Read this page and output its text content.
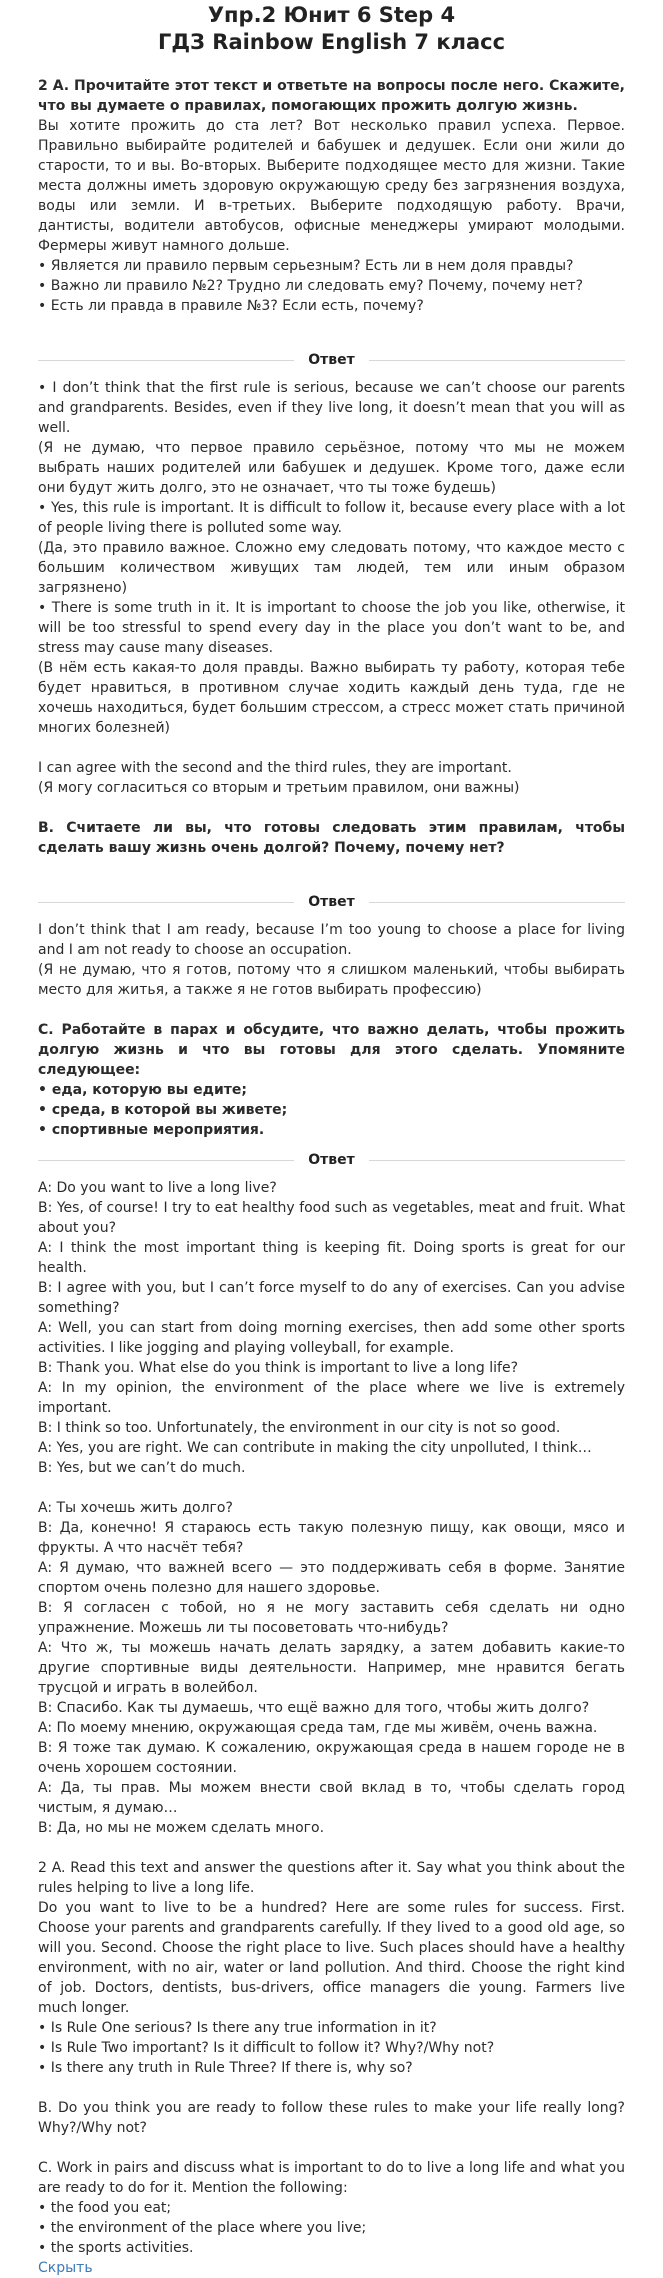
Упр.2 Юнит 6 Step 4
ГДЗ Rainbow English 7 класс

2 A. Прочитайте этот текст и ответьте на вопросы после него. Скажите, что вы думаете о правилах, помогающих прожить долгую жизнь.

Вы хотите прожить до ста лет? Вот несколько правил успеха. Первое. Правильно выбирайте родителей и бабушек и дедушек. Если они жили до старости, то и вы. Во-вторых. Выберите подходящее место для жизни. Такие места должны иметь здоровую окружающую среду без загрязнения воздуха, воды или земли. И в-третьих. Выберите подходящую работу. Врачи, дантисты, водители автобусов, офисные менеджеры умирают молодыми. Фермеры живут намного дольше.

• Является ли правило первым серьезным? Есть ли в нем доля правды?

• Важно ли правило №2? Трудно ли следовать ему? Почему, почему нет?

• Есть ли правда в правиле №3? Если есть, почему?

Ответ

• I don’t think that the first rule is serious, because we can’t choose our parents and grandparents. Besides, even if they live long, it doesn’t mean that you will as well.

(Я не думаю, что первое правило серьёзное, потому что мы не можем выбрать наших родителей или бабушек и дедушек. Кроме того, даже если они будут жить долго, это не означает, что ты тоже будешь)

• Yes, this rule is important. It is difficult to follow it, because every place with a lot of people living there is polluted some way.

(Да, это правило важное. Сложно ему следовать потому, что каждое место с большим количеством живущих там людей, тем или иным образом загрязнено)

• There is some truth in it. It is important to choose the job you like, otherwise, it will be too stressful to spend every day in the place you don’t want to be, and stress may cause many diseases.

(В нём есть какая-то доля правды. Важно выбирать ту работу, которая тебе будет нравиться, в противном случае ходить каждый день туда, где не хочешь находиться, будет большим стрессом, а стресс может стать причиной многих болезней)

I can agree with the second and the third rules, they are important.

(Я могу согласиться со вторым и третьим правилом, они важны)

B. Считаете ли вы, что готовы следовать этим правилам, чтобы сделать вашу жизнь очень долгой? Почему, почему нет?

Ответ

I don’t think that I am ready, because I’m too young to choose a place for living and I am not ready to choose an occupation.

(Я не думаю, что я готов, потому что я слишком маленький, чтобы выбирать место для житья, а также я не готов выбирать профессию)

C. Работайте в парах и обсудите, что важно делать, чтобы прожить долгую жизнь и что вы готовы для этого сделать. Упомяните следующее:

• еда, которую вы едите;

• среда, в которой вы живете;

• спортивные мероприятия.

Ответ

A: Do you want to live a long live?

B: Yes, of course! I try to eat healthy food such as vegetables, meat and fruit. What about you?

A: I think the most important thing is keeping fit. Doing sports is great for our health.

B: I agree with you, but I can’t force myself to do any of exercises. Can you advise something?

A: Well, you can start from doing morning exercises, then add some other sports activities. I like jogging and playing volleyball, for example.

B: Thank you. What else do you think is important to live a long life?

A: In my opinion, the environment of the place where we live is extremely important.

B: I think so too. Unfortunately, the environment in our city is not so good.

A: Yes, you are right. We can contribute in making the city unpolluted, I think…

B: Yes, but we can’t do much.

A: Ты хочешь жить долго?

B: Да, конечно! Я стараюсь есть такую полезную пищу, как овощи, мясо и фрукты. А что насчёт тебя?

A: Я думаю, что важней всего — это поддерживать себя в форме. Занятие спортом очень полезно для нашего здоровье.

B: Я согласен с тобой, но я не могу заставить себя сделать ни одно упражнение. Можешь ли ты посоветовать что-нибудь?

A: Что ж, ты можешь начать делать зарядку, а затем добавить какие-то другие спортивные виды деятельности. Например, мне нравится бегать трусцой и играть в волейбол.

B: Спасибо. Как ты думаешь, что ещё важно для того, чтобы жить долго?

A: По моему мнению, окружающая среда там, где мы живём, очень важна.

B: Я тоже так думаю. К сожалению, окружающая среда в нашем городе не в очень хорошем состоянии.

A: Да, ты прав. Мы можем внести свой вклад в то, чтобы сделать город чистым, я думаю…

B: Да, но мы не можем сделать много.

2 A. Read this text and answer the questions after it. Say what you think about the rules helping to live a long life.

Do you want to live to be a hundred? Here are some rules for success. First. Choose your parents and grandparents carefully. If they lived to a good old age, so will you. Second. Choose the right place to live. Such places should have a healthy environment, with no air, water or land pollution. And third. Choose the right kind of job. Doctors, dentists, bus-drivers, office managers die young. Farmers live much longer.

• Is Rule One serious? Is there any true information in it?

• Is Rule Two important? Is it difficult to follow it? Why?/Why not?

• Is there any truth in Rule Three? If there is, why so?

B. Do you think you are ready to follow these rules to make your life really long? Why?/Why not?

C. Work in pairs and discuss what is important to do to live a long life and what you are ready to do for it. Mention the following:

• the food you eat;

• the environment of the place where you live;

• the sports activities.

Скрыть
